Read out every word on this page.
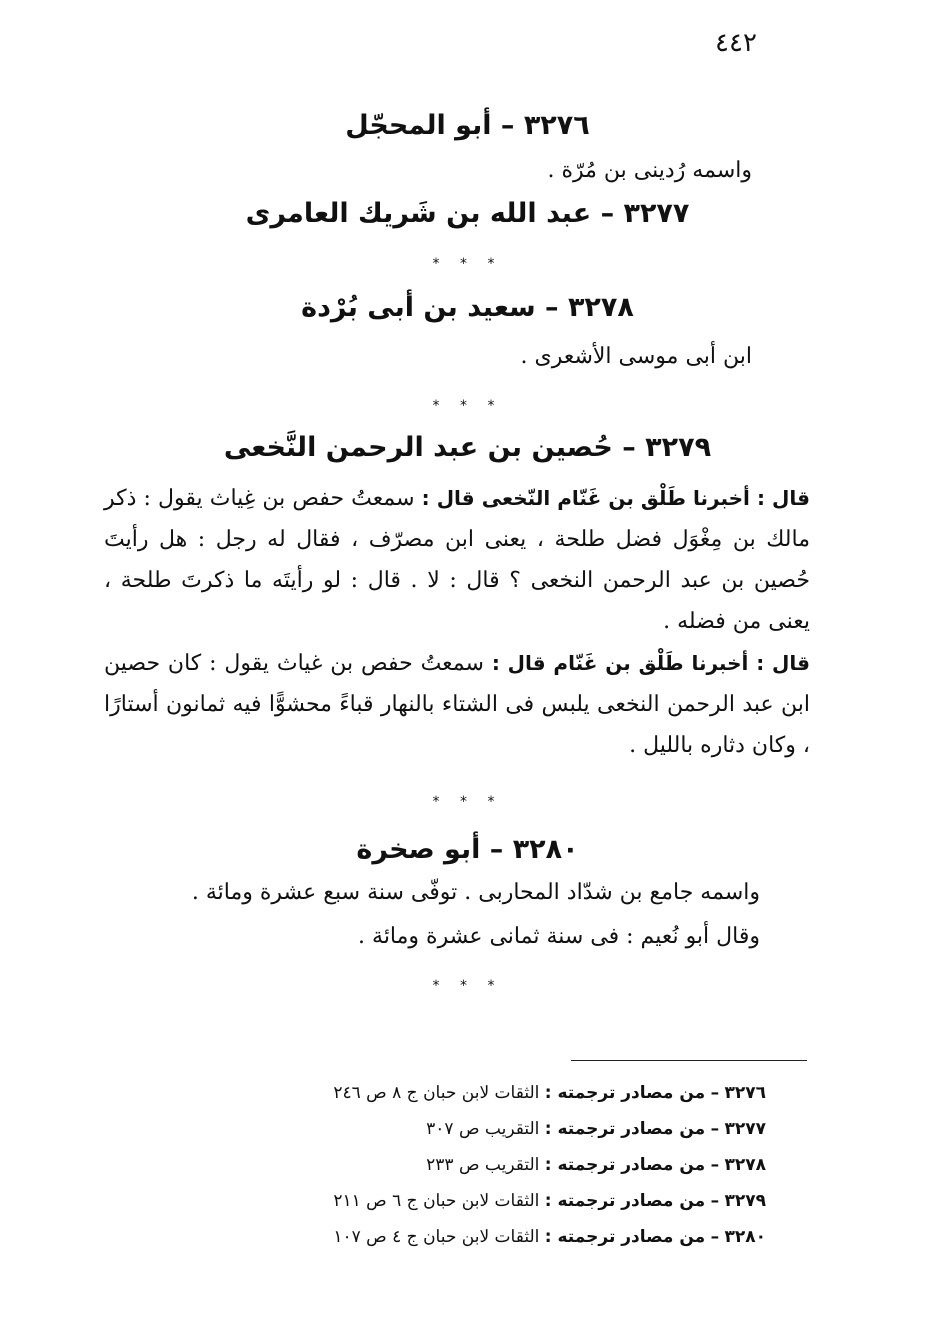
٤٤٢
٣٢٧٦ – أبو المحجّل
واسمه رُدينى بن مُرّة .
٣٢٧٧ – عبد الله بن شَريك العامرى
* * *
٣٢٧٨ – سعيد بن أبى بُرْدة
ابن أبى موسى الأشعرى .
* * *
٣٢٧٩ – حُصين بن عبد الرحمن النَّخعى

قال : أخبرنا طَلْق بن غَنّام النّخعى قال : سمعتُ حفص بن غِياث يقول : ذكر مالك بن مِغْوَل فضل طلحة ، يعنى ابن مصرّف ، فقال له رجل : هل رأيتَ حُصين بن عبد الرحمن النخعى ؟ قال : لا . قال : لو رأيتَه ما ذكرتَ طلحة ، يعنى من فضله .

قال : أخبرنا طَلْق بن غَنّام قال : سمعتُ حفص بن غياث يقول : كان حصين ابن عبد الرحمن النخعى يلبس فى الشتاء بالنهار قباءً محشوًّا فيه ثمانون أستارًا ، وكان دثاره بالليل .

* * *
٣٢٨٠ – أبو صخرة
واسمه جامع بن شدّاد المحاربى . توفّى سنة سبع عشرة ومائة .
وقال أبو نُعيم : فى سنة ثمانى عشرة ومائة .
* * *
٣٢٧٦ – من مصادر ترجمته : الثقات لابن حبان ج ٨ ص ٢٤٦
٣٢٧٧ – من مصادر ترجمته : التقريب ص ٣٠٧
٣٢٧٨ – من مصادر ترجمته : التقريب ص ٢٣٣
٣٢٧٩ – من مصادر ترجمته : الثقات لابن حبان ج ٦ ص ٢١١
٣٢٨٠ – من مصادر ترجمته : الثقات لابن حبان ج ٤ ص ١٠٧
